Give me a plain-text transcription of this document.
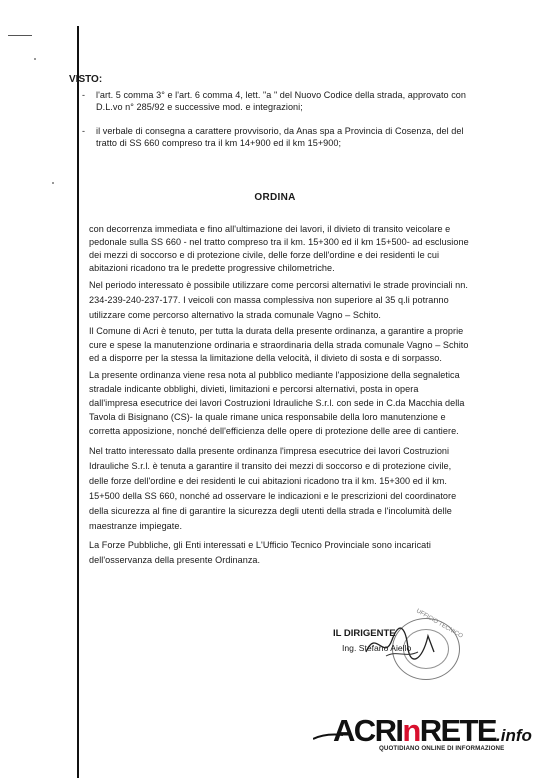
VISTO:
- l'art. 5 comma 3° e l'art. 6 comma 4, lett. "a " del Nuovo Codice della strada, approvato con
D.L.vo n° 285/92 e successive mod. e integrazioni;
- il verbale di consegna a carattere provvisorio, da Anas spa a Provincia di Cosenza, del del
tratto di SS 660 compreso tra il km 14+900 ed il km 15+900;
ORDINA
con decorrenza immediata e fino all'ultimazione dei lavori, il divieto di transito veicolare e
pedonale sulla SS 660 - nel tratto compreso tra il km. 15+300 ed il km 15+500- ad esclusione
dei mezzi di soccorso e di protezione civile, delle forze dell'ordine e dei residenti le cui
abitazioni ricadono tra le predette progressive chilometriche.
Nel periodo interessato è possibile utilizzare come percorsi alternativi le strade provinciali nn.
234-239-240-237-177. I veicoli con massa complessiva non superiore al 35 q.li potranno
utilizzare come percorso alternativo la strada comunale Vagno – Schito.
Il Comune di Acri è tenuto, per tutta la durata della presente ordinanza, a garantire a proprie
cure e spese la manutenzione ordinaria e straordinaria della strada comunale Vagno – Schito
ed a disporre per la stessa la limitazione della velocità, il divieto di sosta e di sorpasso.
La presente ordinanza viene resa nota al pubblico mediante l'apposizione della segnaletica
stradale indicante obblighi, divieti, limitazioni e percorsi alternativi, posta in opera
dall'impresa esecutrice dei lavori Costruzioni Idrauliche S.r.l. con sede in C.da Macchia della
Tavola di Bisignano (CS)- la quale rimane unica responsabile della loro manutenzione e
corretta apposizione, nonché dell'efficienza delle opere di protezione delle aree di cantiere.
Nel tratto interessato dalla presente ordinanza l'impresa esecutrice dei lavori Costruzioni
Idrauliche S.r.l. è tenuta a garantire il transito dei mezzi di soccorso e di protezione civile,
delle forze dell'ordine e dei residenti le cui abitazioni ricadono tra il km. 15+300 ed il km.
15+500 della SS 660, nonché ad osservare le indicazioni e le prescrizioni del coordinatore
della sicurezza al fine di garantire la sicurezza degli utenti della strada e l'incolumità delle
maestranze impiegate.
La Forze Pubbliche, gli Enti interessati e L'Ufficio Tecnico Provinciale sono incaricati
dell'osservanza della presente Ordinanza.
UFFICIO TECNICO
IL DIRIGENTE
Ing. Stefano Aiello
ACRInRETE.info
QUOTIDIANO ONLINE DI INFORMAZIONE
